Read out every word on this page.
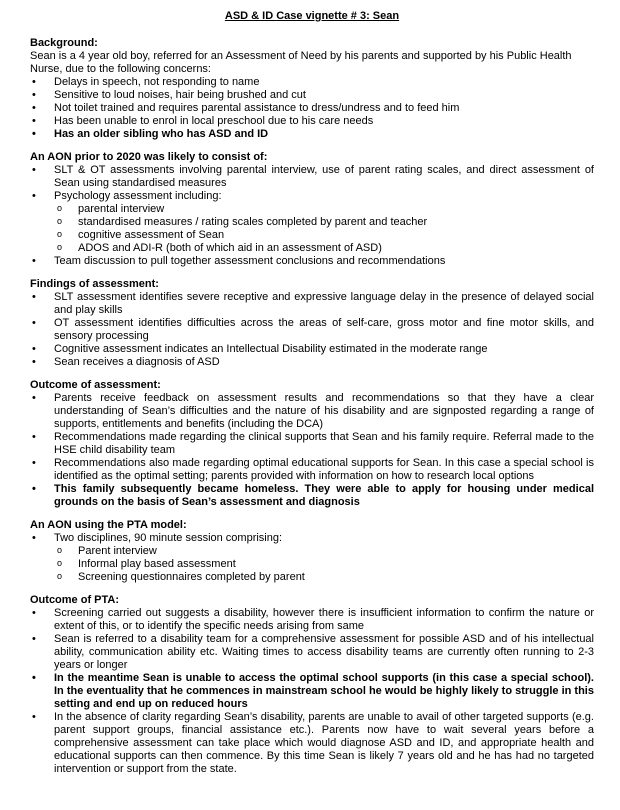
ASD & ID Case vignette # 3: Sean

Background:

Sean is a 4 year old boy, referred for an Assessment of Need by his parents and supported by his Public Health Nurse, due to the following concerns:

• Delays in speech, not responding to name
• Sensitive to loud noises, hair being brushed and cut
• Not toilet trained and requires parental assistance to dress/undress and to feed him
• Has been unable to enrol in local preschool due to his care needs
• Has an older sibling who has ASD and ID

An AON prior to 2020 was likely to consist of:

• SLT & OT assessments involving parental interview, use of parent rating scales, and direct assessment of Sean using standardised measures
• Psychology assessment including:
o parental interview
o standardised measures / rating scales completed by parent and teacher
o cognitive assessment of Sean
o ADOS and ADI-R (both of which aid in an assessment of ASD)
• Team discussion to pull together assessment conclusions and recommendations

Findings of assessment:

• SLT assessment identifies severe receptive and expressive language delay in the presence of delayed social and play skills
• OT assessment identifies difficulties across the areas of self-care, gross motor and fine motor skills, and sensory processing
• Cognitive assessment indicates an Intellectual Disability estimated in the moderate range
• Sean receives a diagnosis of ASD

Outcome of assessment:

• Parents receive feedback on assessment results and recommendations so that they have a clear understanding of Sean’s difficulties and the nature of his disability and are signposted regarding a range of supports, entitlements and benefits (including the DCA)
• Recommendations made regarding the clinical supports that Sean and his family require. Referral made to the HSE child disability team
• Recommendations also made regarding optimal educational supports for Sean. In this case a special school is identified as the optimal setting; parents provided with information on how to research local options
• This family subsequently became homeless. They were able to apply for housing under medical grounds on the basis of Sean’s assessment and diagnosis

An AON using the PTA model:

• Two disciplines, 90 minute session comprising:
o Parent interview
o Informal play based assessment
o Screening questionnaires completed by parent

Outcome of PTA:

• Screening carried out suggests a disability, however there is insufficient information to confirm the nature or extent of this, or to identify the specific needs arising from same
• Sean is referred to a disability team for a comprehensive assessment for possible ASD and of his intellectual ability, communication ability etc. Waiting times to access disability teams are currently often running to 2-3 years or longer
• In the meantime Sean is unable to access the optimal school supports (in this case a special school). In the eventuality that he commences in mainstream school he would be highly likely to struggle in this setting and end up on reduced hours
• In the absence of clarity regarding Sean’s disability, parents are unable to avail of other targeted supports (e.g. parent support groups, financial assistance etc.). Parents now have to wait several years before a comprehensive assessment can take place which would diagnose ASD and ID, and appropriate health and educational supports can then commence. By this time Sean is likely 7 years old and he has had no targeted intervention or support from the state.
